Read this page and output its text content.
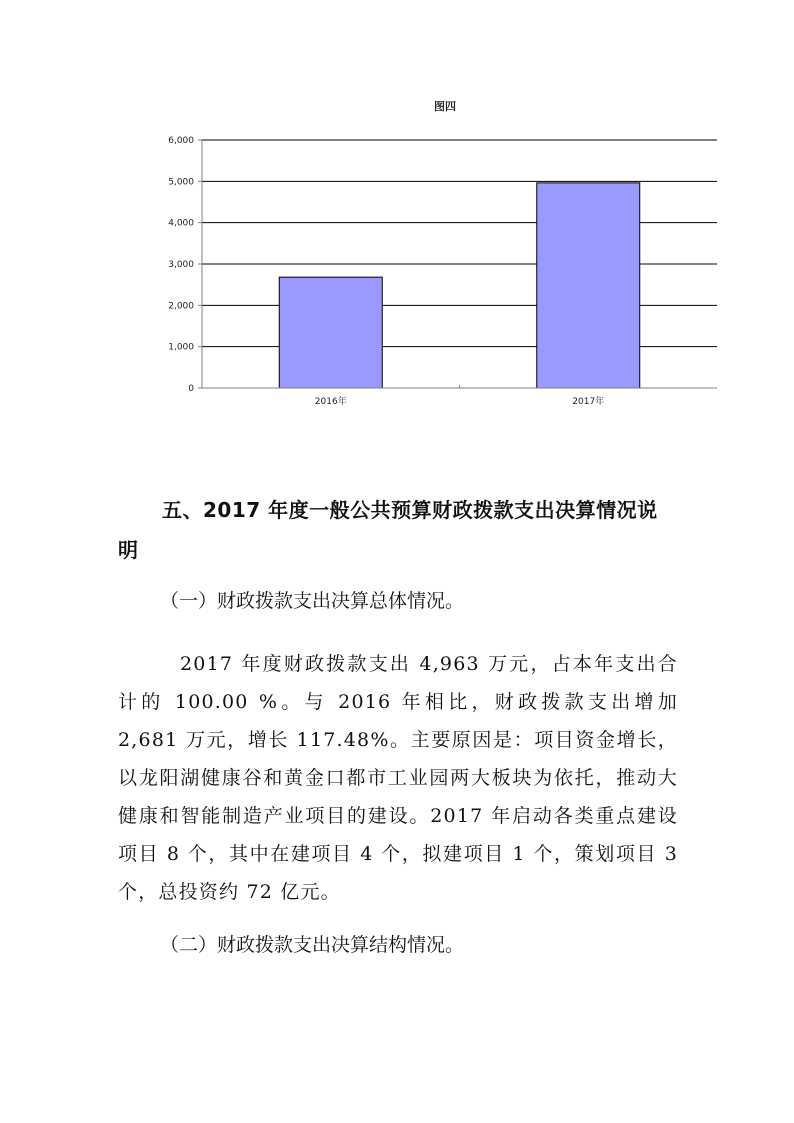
图四
0
1,000
2,000
3,000
4,000
5,000
6,000
2016年	2017年

五、2017 年度一般公共预算财政拨款支出决算情况说明

（一）财政拨款支出决算总体情况。

2017 年度财政拨款支出 4,963 万元，占本年支出合计的 100.00 %。与 2016 年相比，财政拨款支出增加 2,681 万元，增长 117.48%。主要原因是：项目资金增长，以龙阳湖健康谷和黄金口都市工业园两大板块为依托，推动大健康和智能制造产业项目的建设。2017 年启动各类重点建设项目 8 个，其中在建项目 4 个，拟建项目 1 个，策划项目 3 个，总投资约 72 亿元。

（二）财政拨款支出决算结构情况。
